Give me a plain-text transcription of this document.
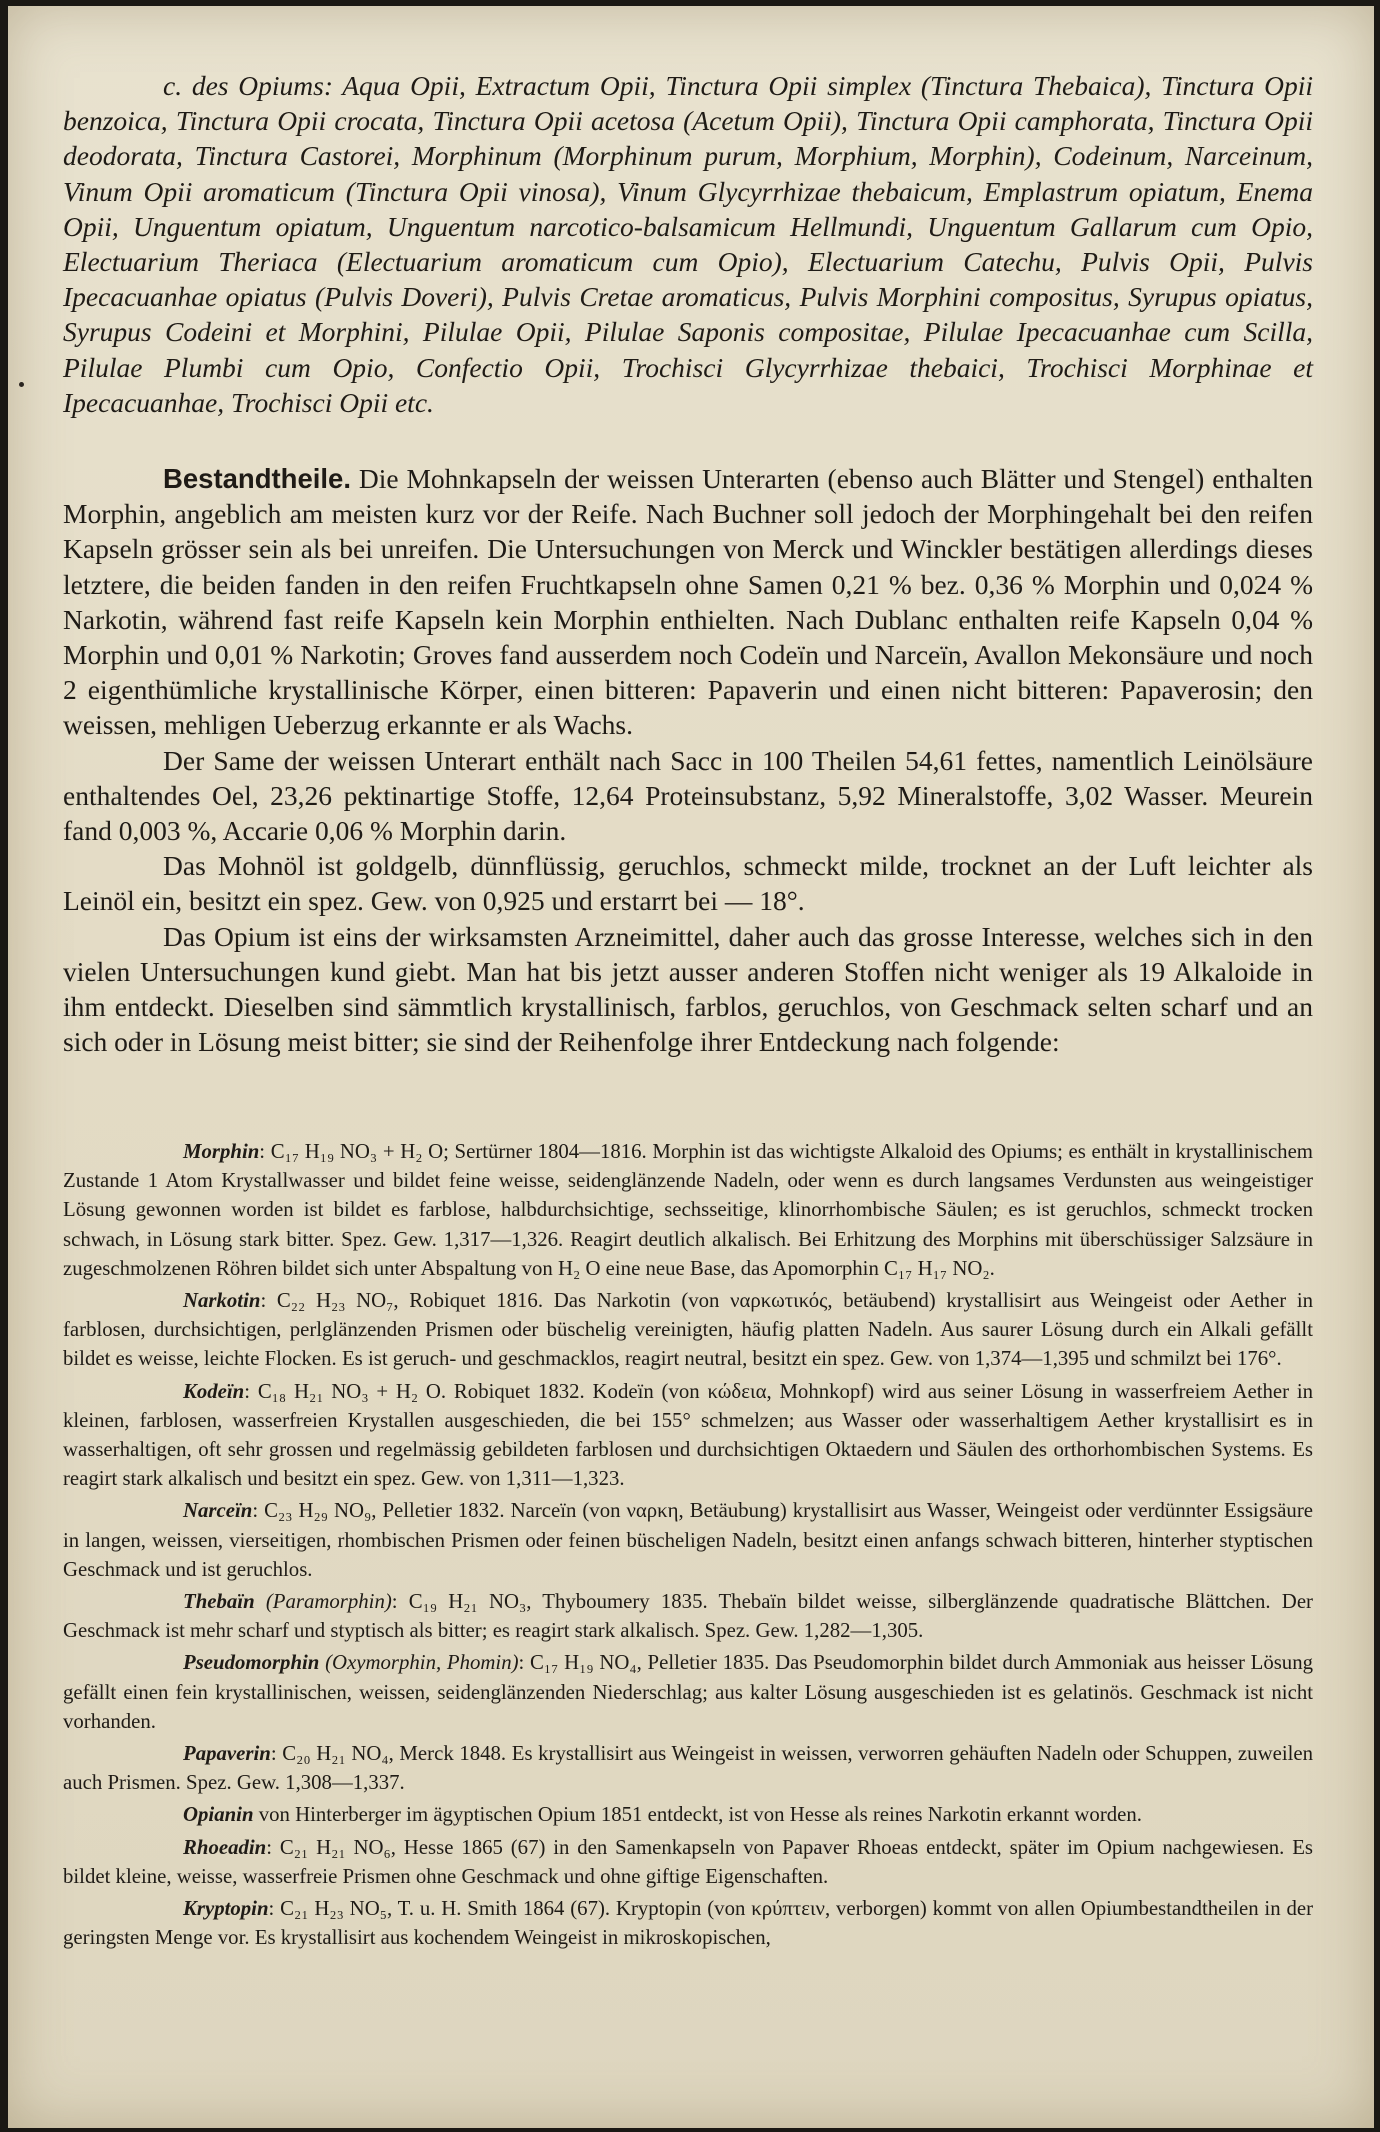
c. des Opiums: Aqua Opii, Extractum Opii, Tinctura Opii simplex (Tinctura Thebaica), Tinctura Opii benzoica, Tinctura Opii crocata, Tinctura Opii acetosa (Acetum Opii), Tinctura Opii camphorata, Tinctura Opii deodorata, Tinctura Castorei, Morphinum (Morphinum purum, Morphium, Morphin), Codeinum, Narceinum, Vinum Opii aromaticum (Tinctura Opii vinosa), Vinum Glycyrrhizae thebaicum, Emplastrum opiatum, Enema Opii, Unguentum opiatum, Unguentum narcotico-balsamicum Hellmundi, Unguentum Gallarum cum Opio, Electuarium Theriaca (Electuarium aromaticum cum Opio), Electuarium Catechu, Pulvis Opii, Pulvis Ipecacuanhae opiatus (Pulvis Doveri), Pulvis Cretae aromaticus, Pulvis Morphini compositus, Syrupus opiatus, Syrupus Codeini et Morphini, Pilulae Opii, Pilulae Saponis compositae, Pilulae Ipecacuanhae cum Scilla, Pilulae Plumbi cum Opio, Confectio Opii, Trochisci Glycyrrhizae thebaici, Trochisci Morphinae et Ipecacuanhae, Trochisci Opii etc.

Bestandtheile. Die Mohnkapseln der weissen Unterarten (ebenso auch Blätter und Stengel) enthalten Morphin, angeblich am meisten kurz vor der Reife. Nach Buchner soll jedoch der Morphingehalt bei den reifen Kapseln grösser sein als bei unreifen. Die Untersuchungen von Merck und Winckler bestätigen allerdings dieses letztere, die beiden fanden in den reifen Fruchtkapseln ohne Samen 0,21 % bez. 0,36 % Morphin und 0,024 % Narkotin, während fast reife Kapseln kein Morphin enthielten. Nach Dublanc enthalten reife Kapseln 0,04 % Morphin und 0,01 % Narkotin; Groves fand ausserdem noch Codeïn und Narceïn, Avallon Mekonsäure und noch 2 eigenthümliche krystallinische Körper, einen bitteren: Papaverin und einen nicht bitteren: Papaverosin; den weissen, mehligen Ueberzug erkannte er als Wachs.

Der Same der weissen Unterart enthält nach Sacc in 100 Theilen 54,61 fettes, namentlich Leinölsäure enthaltendes Oel, 23,26 pektinartige Stoffe, 12,64 Proteinsubstanz, 5,92 Mineralstoffe, 3,02 Wasser. Meurein fand 0,003 %, Accarie 0,06 % Morphin darin.

Das Mohnöl ist goldgelb, dünnflüssig, geruchlos, schmeckt milde, trocknet an der Luft leichter als Leinöl ein, besitzt ein spez. Gew. von 0,925 und erstarrt bei — 18°.

Das Opium ist eins der wirksamsten Arzneimittel, daher auch das grosse Interesse, welches sich in den vielen Untersuchungen kund giebt. Man hat bis jetzt ausser anderen Stoffen nicht weniger als 19 Alkaloide in ihm entdeckt. Dieselben sind sämmtlich krystallinisch, farblos, geruchlos, von Geschmack selten scharf und an sich oder in Lösung meist bitter; sie sind der Reihenfolge ihrer Entdeckung nach folgende:

Morphin: C₁₇ H₁₉ NO₃ + H₂ O; Sertürner 1804—1816. Morphin ist das wichtigste Alkaloid des Opiums; es enthält in krystallinischem Zustande 1 Atom Krystallwasser und bildet feine weisse, seidenglänzende Nadeln, oder wenn es durch langsames Verdunsten aus weingeistiger Lösung gewonnen worden ist bildet es farblose, halbdurchsichtige, sechsseitige, klinorrhombische Säulen; es ist geruchlos, schmeckt trocken schwach, in Lösung stark bitter. Spez. Gew. 1,317—1,326. Reagirt deutlich alkalisch. Bei Erhitzung des Morphins mit überschüssiger Salzsäure in zugeschmolzenen Röhren bildet sich unter Abspaltung von H₂ O eine neue Base, das Apomorphin C₁₇ H₁₇ NO₂.

Narkotin: C₂₂ H₂₃ NO₇, Robiquet 1816. Das Narkotin (von ναρκωτικός, betäubend) krystallisirt aus Weingeist oder Aether in farblosen, durchsichtigen, perlglänzenden Prismen oder büschelig vereinigten, häufig platten Nadeln. Aus saurer Lösung durch ein Alkali gefällt bildet es weisse, leichte Flocken. Es ist geruch- und geschmacklos, reagirt neutral, besitzt ein spez. Gew. von 1,374—1,395 und schmilzt bei 176°.

Kodeïn: C₁₈ H₂₁ NO₃ + H₂ O. Robiquet 1832. Kodeïn (von κώδεια, Mohnkopf) wird aus seiner Lösung in wasserfreiem Aether in kleinen, farblosen, wasserfreien Krystallen ausgeschieden, die bei 155° schmelzen; aus Wasser oder wasserhaltigem Aether krystallisirt es in wasserhaltigen, oft sehr grossen und regelmässig gebildeten farblosen und durchsichtigen Oktaedern und Säulen des orthorhombischen Systems. Es reagirt stark alkalisch und besitzt ein spez. Gew. von 1,311—1,323.

Narceïn: C₂₃ H₂₉ NO₉, Pelletier 1832. Narceïn (von ναρκη, Betäubung) krystallisirt aus Wasser, Weingeist oder verdünnter Essigsäure in langen, weissen, vierseitigen, rhombischen Prismen oder feinen büscheligen Nadeln, besitzt einen anfangs schwach bitteren, hinterher styptischen Geschmack und ist geruchlos.

Thebaïn (Paramorphin): C₁₉ H₂₁ NO₃, Thyboumery 1835. Thebaïn bildet weisse, silberglänzende quadratische Blättchen. Der Geschmack ist mehr scharf und styptisch als bitter; es reagirt stark alkalisch. Spez. Gew. 1,282—1,305.

Pseudomorphin (Oxymorphin, Phomin): C₁₇ H₁₉ NO₄, Pelletier 1835. Das Pseudomorphin bildet durch Ammoniak aus heisser Lösung gefällt einen fein krystallinischen, weissen, seidenglänzenden Niederschlag; aus kalter Lösung ausgeschieden ist es gelatinös. Geschmack ist nicht vorhanden.

Papaverin: C₂₀ H₂₁ NO₄, Merck 1848. Es krystallisirt aus Weingeist in weissen, verworren gehäuften Nadeln oder Schuppen, zuweilen auch Prismen. Spez. Gew. 1,308—1,337.

Opianin von Hinterberger im ägyptischen Opium 1851 entdeckt, ist von Hesse als reines Narkotin erkannt worden.

Rhoeadin: C₂₁ H₂₁ NO₆, Hesse 1865 (67) in den Samenkapseln von Papaver Rhoeas entdeckt, später im Opium nachgewiesen. Es bildet kleine, weisse, wasserfreie Prismen ohne Geschmack und ohne giftige Eigenschaften.

Kryptopin: C₂₁ H₂₃ NO₅, T. u. H. Smith 1864 (67). Kryptopin (von κρύπτειν, verborgen) kommt von allen Opiumbestandtheilen in der geringsten Menge vor. Es krystallisirt aus kochendem Weingeist in mikroskopischen,
